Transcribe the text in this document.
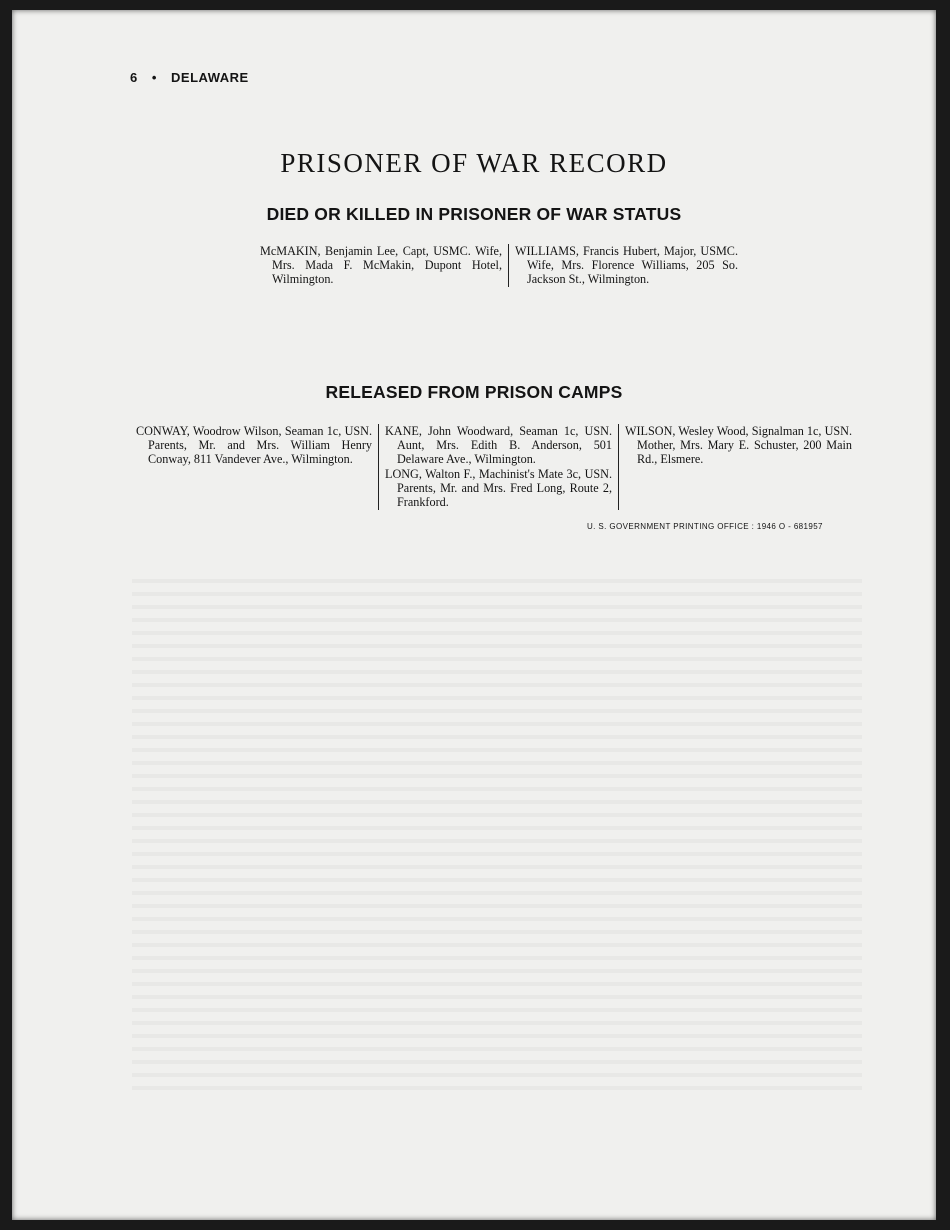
6 • DELAWARE
PRISONER OF WAR RECORD
DIED OR KILLED IN PRISONER OF WAR STATUS

McMAKIN, Benjamin Lee, Capt, USMC. Wife, Mrs. Mada F. McMakin, Dupont Hotel, Wilmington.

WILLIAMS, Francis Hubert, Major, USMC. Wife, Mrs. Florence Williams, 205 So. Jackson St., Wilmington.

RELEASED FROM PRISON CAMPS

CONWAY, Woodrow Wilson, Seaman 1c, USN. Parents, Mr. and Mrs. William Henry Conway, 811 Vandever Ave., Wilmington.

KANE, John Woodward, Seaman 1c, USN. Aunt, Mrs. Edith B. Anderson, 501 Delaware Ave., Wilmington.

LONG, Walton F., Machinist's Mate 3c, USN. Parents, Mr. and Mrs. Fred Long, Route 2, Frankford.

WILSON, Wesley Wood, Signalman 1c, USN. Mother, Mrs. Mary E. Schuster, 200 Main Rd., Elsmere.

U. S. GOVERNMENT PRINTING OFFICE : 1946 O - 681957
